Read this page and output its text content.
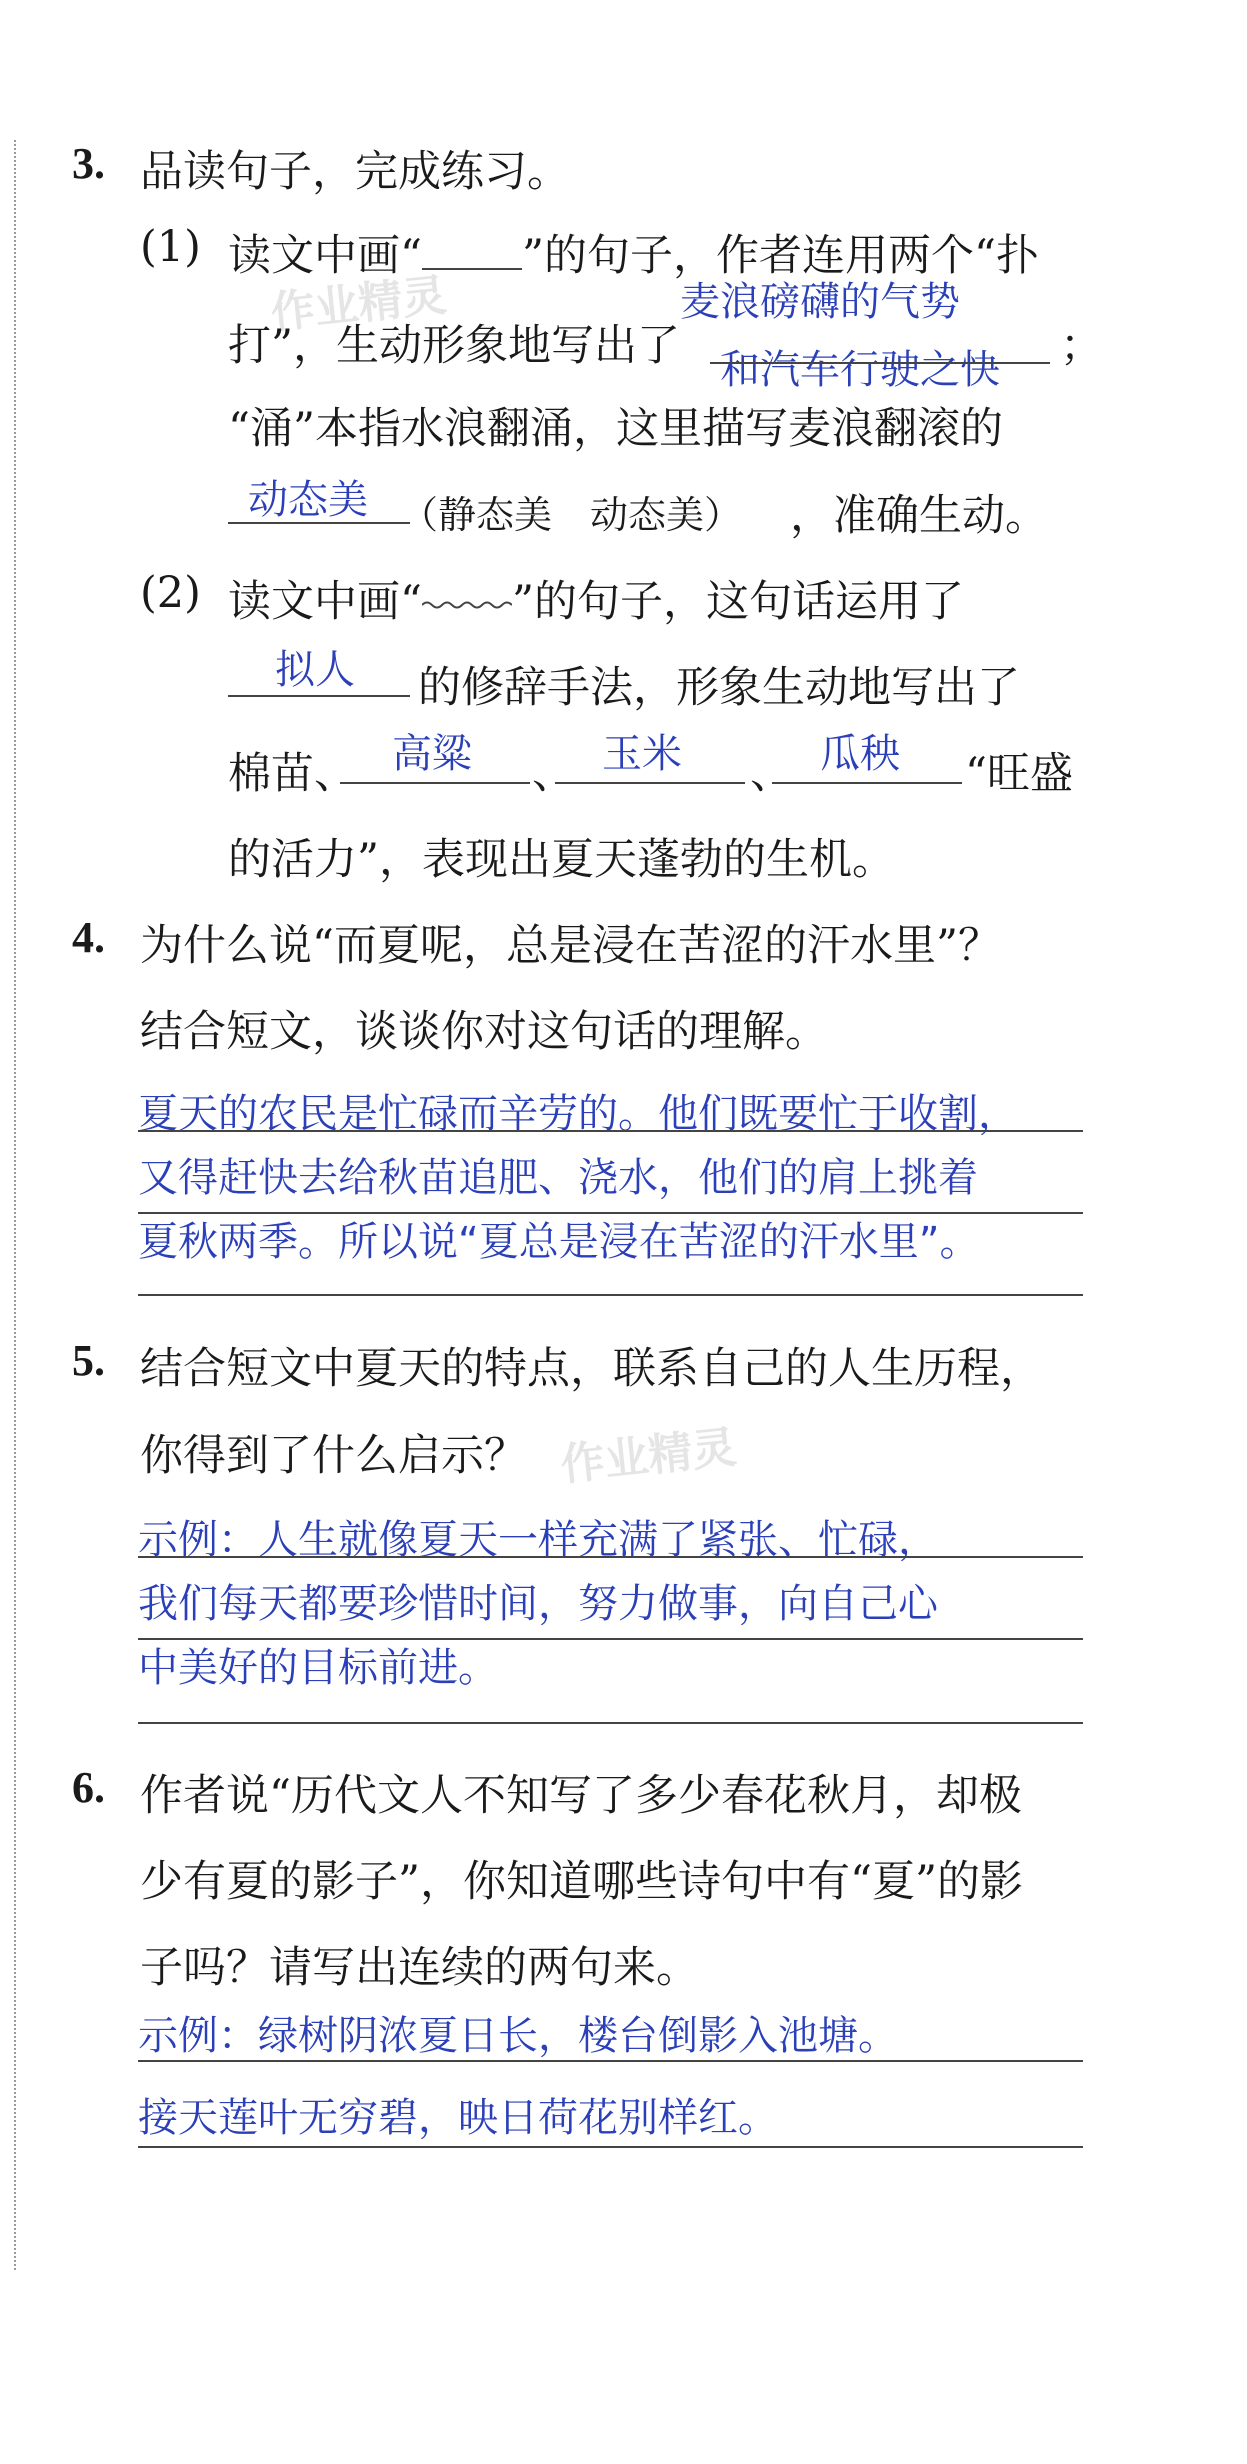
作业精灵
作业精灵
3. 品读句子，完成练习。
(1) 读文中画“ ”的句子，作者连用两个“扑
麦浪磅礴的气势
打”，生动形象地写出了 和汽车行驶之快 ；
“涌”本指水浪翻涌，这里描写麦浪翻滚的
动态美 （静态美　动态美） ，准确生动。
(2) 读文中画“ ”的句子，这句话运用了
拟人 的修辞手法，形象生动地写出了
棉苗、 高粱 、 玉米 、 瓜秧 “旺盛
的活力”，表现出夏天蓬勃的生机。
4. 为什么说“而夏呢，总是浸在苦涩的汗水里”？
结合短文，谈谈你对这句话的理解。
夏天的农民是忙碌而辛劳的。他们既要忙于收割，
又得赶快去给秋苗追肥、浇水，他们的肩上挑着
夏秋两季。所以说“夏总是浸在苦涩的汗水里”。
5. 结合短文中夏天的特点，联系自己的人生历程，
你得到了什么启示？
示例：人生就像夏天一样充满了紧张、忙碌，
我们每天都要珍惜时间，努力做事，向自己心
中美好的目标前进。
6. 作者说“历代文人不知写了多少春花秋月，却极
少有夏的影子”，你知道哪些诗句中有“夏”的影
子吗？请写出连续的两句来。
示例：绿树阴浓夏日长，楼台倒影入池塘。
接天莲叶无穷碧，映日荷花别样红。
